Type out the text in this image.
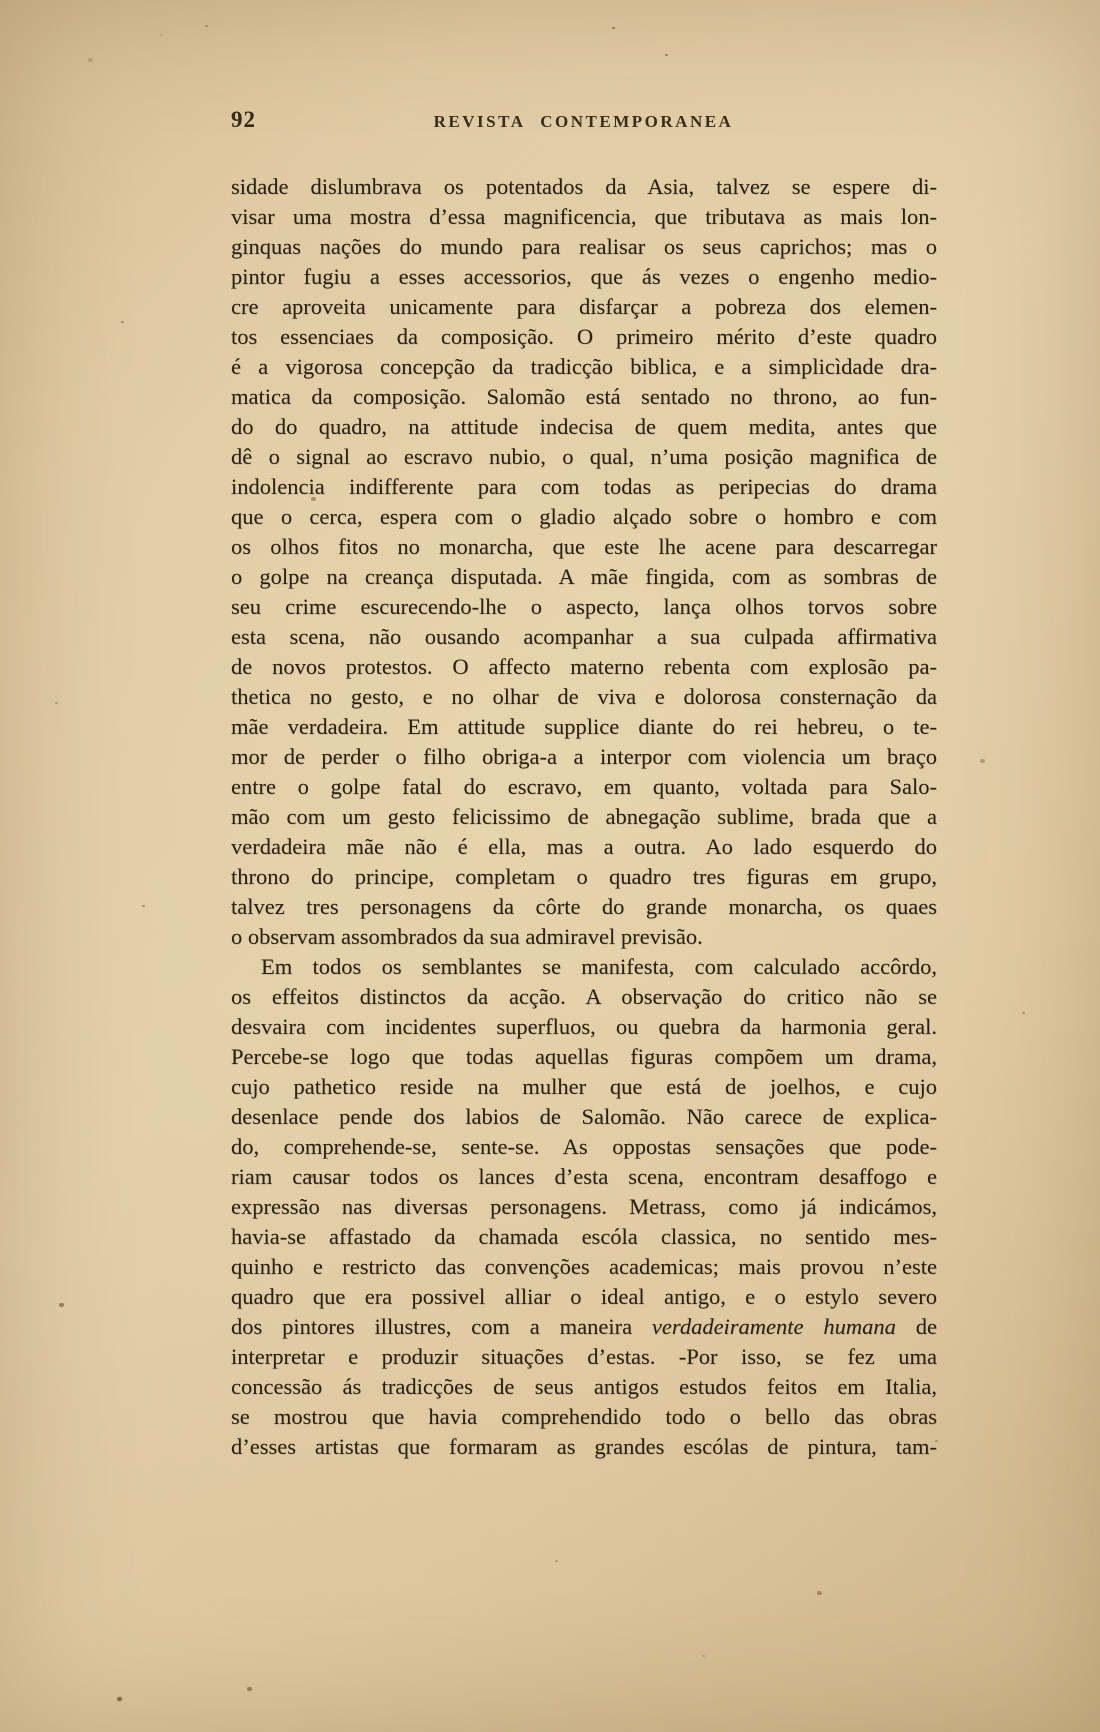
92	REVISTA CONTEMPORANEA
sidade dislumbrava os potentados da Asia, talvez se espere di-
visar uma mostra d’essa magnificencia, que tributava as mais lon-
ginquas nações do mundo para realisar os seus caprichos; mas o
pintor fugiu a esses accessorios, que ás vezes o engenho medio-
cre aproveita unicamente para disfarçar a pobreza dos elemen-
tos essenciaes da composição. O primeiro mérito d’este quadro
é a vigorosa concepção da tradicção biblica, e a simplicìdade dra-
matica da composição. Salomão está sentado no throno, ao fun-
do do quadro, na attitude indecisa de quem medita, antes que
dê o signal ao escravo nubio, o qual, n’uma posição magnifica de
indolencia indifferente para com todas as peripecias do drama
que o cerca, espera com o gladio alçado sobre o hombro e com
os olhos fitos no monarcha, que este lhe acene para descarregar
o golpe na creança disputada. A mãe fingida, com as sombras de
seu crime escurecendo-lhe o aspecto, lança olhos torvos sobre
esta scena, não ousando acompanhar a sua culpada affirmativa
de novos protestos. O affecto materno rebenta com explosão pa-
thetica no gesto, e no olhar de viva e dolorosa consternação da
mãe verdadeira. Em attitude supplice diante do rei hebreu, o te-
mor de perder o filho obriga-a a interpor com violencia um braço
entre o golpe fatal do escravo, em quanto, voltada para Salo-
mão com um gesto felicissimo de abnegação sublime, brada que a
verdadeira mãe não é ella, mas a outra. Ao lado esquerdo do
throno do principe, completam o quadro tres figuras em grupo,
talvez tres personagens da côrte do grande monarcha, os quaes
o observam assombrados da sua admiravel previsão.
Em todos os semblantes se manifesta, com calculado accôrdo,
os effeitos distinctos da acção. A observação do critico não se
desvaira com incidentes superfluos, ou quebra da harmonia geral.
Percebe-se logo que todas aquellas figuras compõem um drama,
cujo pathetico reside na mulher que está de joelhos, e cujo
desenlace pende dos labios de Salomão. Não carece de explica-
do, comprehende-se, sente-se. As oppostas sensações que pode-
riam causar todos os lances d’esta scena, encontram desaffogo e
expressão nas diversas personagens. Metrass, como já indicámos,
havia-se affastado da chamada escóla classica, no sentido mes-
quinho e restricto das convenções academicas; mais provou n’este
quadro que era possivel alliar o ideal antigo, e o estylo severo
dos pintores illustres, com a maneira verdadeiramente humana de
interpretar e produzir situações d’estas. -Por isso, se fez uma
concessão ás tradicções de seus antigos estudos feitos em Italia,
se mostrou que havia comprehendido todo o bello das obras
d’esses artistas que formaram as grandes escólas de pintura, tam-
